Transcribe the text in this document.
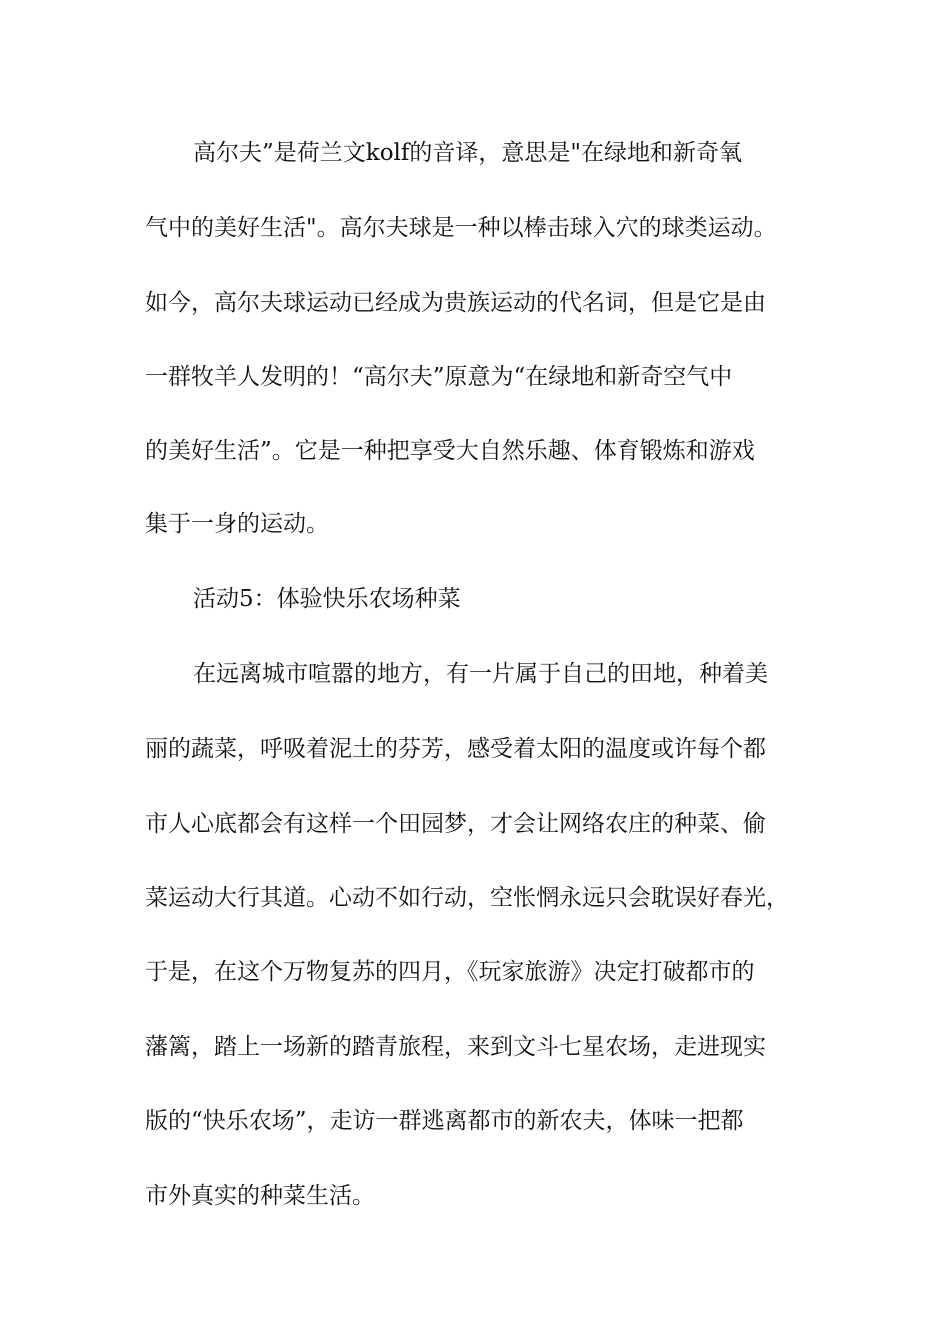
高尔夫”是荷兰文kolf的音译，意思是"在绿地和新奇氧

气中的美好生活"。高尔夫球是一种以棒击球入穴的球类运动。

如今，高尔夫球运动已经成为贵族运动的代名词，但是它是由

一群牧羊人发明的！“高尔夫”原意为“在绿地和新奇空气中

的美好生活”。它是一种把享受大自然乐趣、体育锻炼和游戏

集于一身的运动。

活动5：体验快乐农场种菜

在远离城市喧嚣的地方，有一片属于自己的田地，种着美

丽的蔬菜，呼吸着泥土的芬芳，感受着太阳的温度或许每个都

市人心底都会有这样一个田园梦，才会让网络农庄的种菜、偷

菜运动大行其道。心动不如行动，空怅惘永远只会耽误好春光，

于是，在这个万物复苏的四月，《玩家旅游》决定打破都市的

藩篱，踏上一场新的踏青旅程，来到文斗七星农场，走进现实

版的“快乐农场”，走访一群逃离都市的新农夫，体味一把都

市外真实的种菜生活。
